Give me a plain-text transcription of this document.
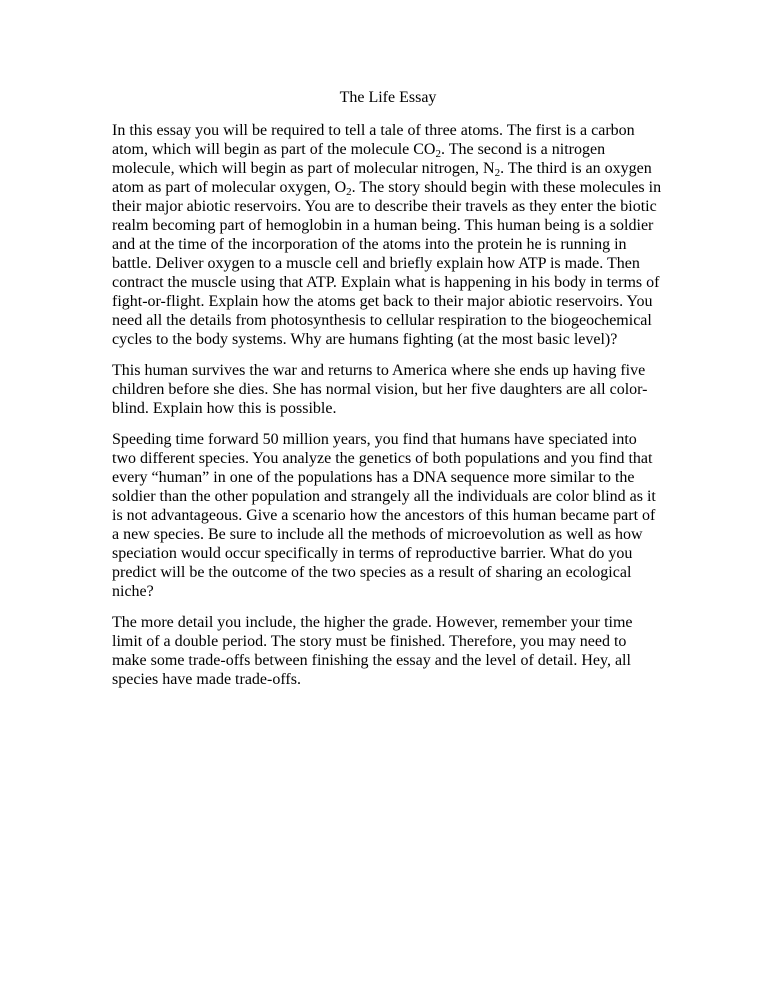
The Life Essay
In this essay you will be required to tell a tale of three atoms. The first is a carbon atom, which will begin as part of the molecule $CO_2$. The second is a nitrogen molecule, which will begin as part of molecular nitrogen, $N_2$. The third is an oxygen atom as part of molecular oxygen, $O_2$. The story should begin with these molecules in their major abiotic reservoirs. You are to describe their travels as they enter the biotic realm becoming part of hemoglobin in a human being. This human being is a soldier and at the time of the incorporation of the atoms into the protein he is running in battle. Deliver oxygen to a muscle cell and briefly explain how ATP is made. Then contract the muscle using that ATP. Explain what is happening in his body in terms of fight-or-flight. Explain how the atoms get back to their major abiotic reservoirs. You need all the details from photosynthesis to cellular respiration to the biogeochemical cycles to the body systems. Why are humans fighting (at the most basic level)?
This human survives the war and returns to America where she ends up having five children before she dies. She has normal vision, but her five daughters are all color-blind. Explain how this is possible.
Speeding time forward 50 million years, you find that humans have speciated into two different species. You analyze the genetics of both populations and you find that every “human” in one of the populations has a DNA sequence more similar to the soldier than the other population and strangely all the individuals are color blind as it is not advantageous. Give a scenario how the ancestors of this human became part of a new species. Be sure to include all the methods of microevolution as well as how speciation would occur specifically in terms of reproductive barrier. What do you predict will be the outcome of the two species as a result of sharing an ecological niche?
The more detail you include, the higher the grade. However, remember your time limit of a double period. The story must be finished. Therefore, you may need to make some trade-offs between finishing the essay and the level of detail. Hey, all species have made trade-offs.
